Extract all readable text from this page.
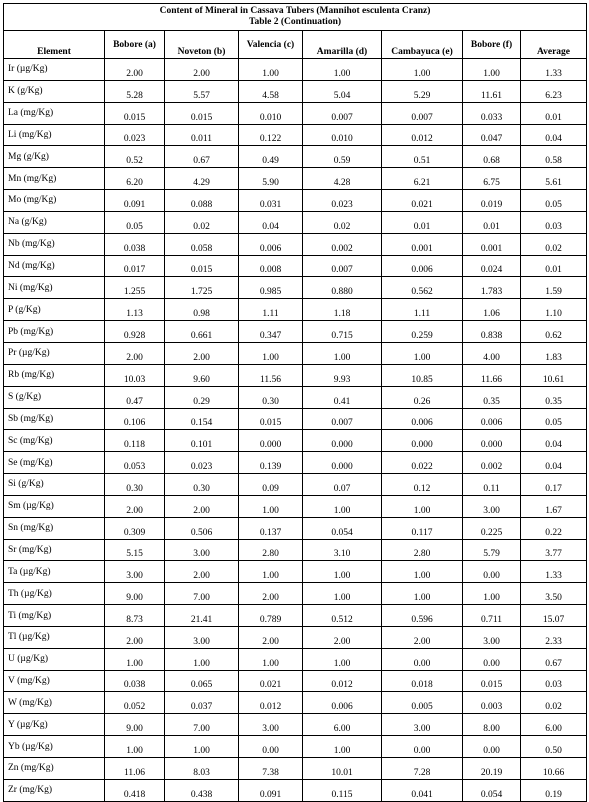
Content of Mineral in Cassava Tubers (Mannihot esculenta Cranz)
Table 2 (Continuation)							

Element	Bobore (a)	Noveton (b)	Valencia (c)	Amarilla (d)	Cambayuca (e)	Bobore (f)	Average
Ir (µg/Kg)	2.00	2.00	1.00	1.00	1.00	1.00	1.33
K (g/Kg)	5.28	5.57	4.58	5.04	5.29	11.61	6.23
La (mg/Kg)	0.015	0.015	0.010	0.007	0.007	0.033	0.01
Li (mg/Kg)	0.023	0.011	0.122	0.010	0.012	0.047	0.04
Mg (g/Kg)	0.52	0.67	0.49	0.59	0.51	0.68	0.58
Mn (mg/Kg)	6.20	4.29	5.90	4.28	6.21	6.75	5.61
Mo (mg/Kg)	0.091	0.088	0.031	0.023	0.021	0.019	0.05
Na (g/Kg)	0.05	0.02	0.04	0.02	0.01	0.01	0.03
Nb (mg/Kg)	0.038	0.058	0.006	0.002	0.001	0.001	0.02
Nd (mg/Kg)	0.017	0.015	0.008	0.007	0.006	0.024	0.01
Ni (mg/Kg)	1.255	1.725	0.985	0.880	0.562	1.783	1.59
P (g/Kg)	1.13	0.98	1.11	1.18	1.11	1.06	1.10
Pb (mg/Kg)	0.928	0.661	0.347	0.715	0.259	0.838	0.62
Pr (µg/Kg)	2.00	2.00	1.00	1.00	1.00	4.00	1.83
Rb (mg/Kg)	10.03	9.60	11.56	9.93	10.85	11.66	10.61
S (g/Kg)	0.47	0.29	0.30	0.41	0.26	0.35	0.35
Sb (mg/Kg)	0.106	0.154	0.015	0.007	0.006	0.006	0.05
Sc (mg/Kg)	0.118	0.101	0.000	0.000	0.000	0.000	0.04
Se (mg/Kg)	0.053	0.023	0.139	0.000	0.022	0.002	0.04
Si (g/Kg)	0.30	0.30	0.09	0.07	0.12	0.11	0.17
Sm (µg/Kg)	2.00	2.00	1.00	1.00	1.00	3.00	1.67
Sn (mg/Kg)	0.309	0.506	0.137	0.054	0.117	0.225	0.22
Sr (mg/Kg)	5.15	3.00	2.80	3.10	2.80	5.79	3.77
Ta (µg/Kg)	3.00	2.00	1.00	1.00	1.00	0.00	1.33
Th (µg/Kg)	9.00	7.00	2.00	1.00	1.00	1.00	3.50
Ti (mg/Kg)	8.73	21.41	0.789	0.512	0.596	0.711	15.07
Tl (µg/Kg)	2.00	3.00	2.00	2.00	2.00	3.00	2.33
U (µg/Kg)	1.00	1.00	1.00	1.00	0.00	0.00	0.67
V (mg/Kg)	0.038	0.065	0.021	0.012	0.018	0.015	0.03
W (mg/Kg)	0.052	0.037	0.012	0.006	0.005	0.003	0.02
Y (µg/Kg)	9.00	7.00	3.00	6.00	3.00	8.00	6.00
Yb (µg/Kg)	1.00	1.00	0.00	1.00	0.00	0.00	0.50
Zn (mg/Kg)	11.06	8.03	7.38	10.01	7.28	20.19	10.66
Zr (mg/Kg)	0.418	0.438	0.091	0.115	0.041	0.054	0.19
